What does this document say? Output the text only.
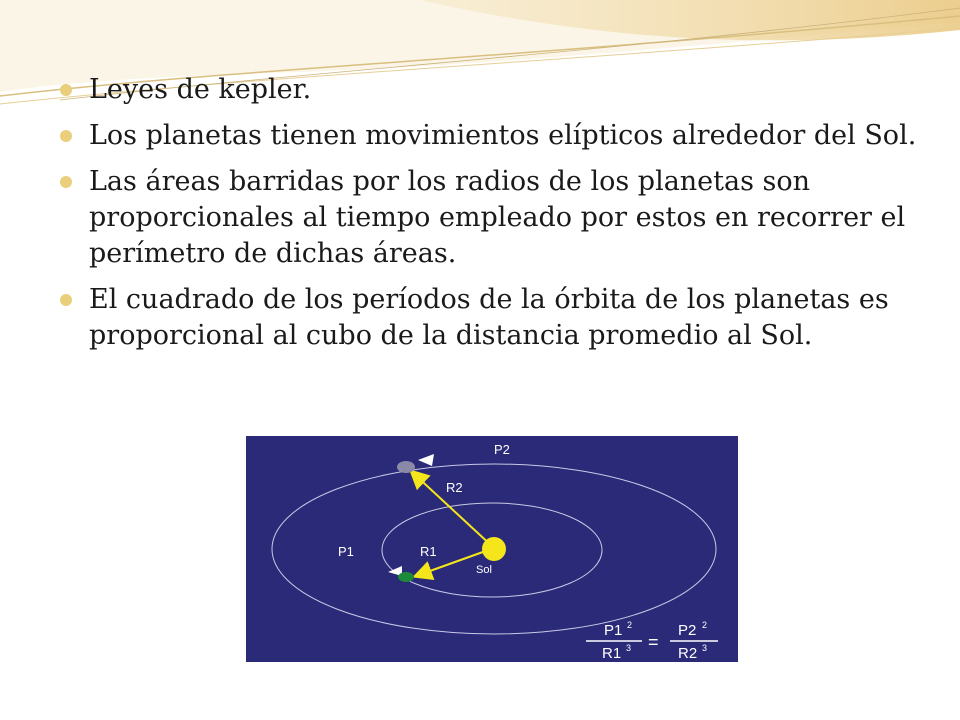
Leyes de kepler.
Los planetas tienen movimientos elípticos alrededor del Sol.
Las áreas barridas por los radios de los planetas son proporcionales al tiempo empleado por estos en recorrer el perímetro de dichas áreas.
El cuadrado de los períodos de la órbita de los planetas es proporcional al cubo de la distancia promedio al Sol.
P2
R2
P1	R1
Sol
P1 2
R1 3 =
P2 2
R2 3
